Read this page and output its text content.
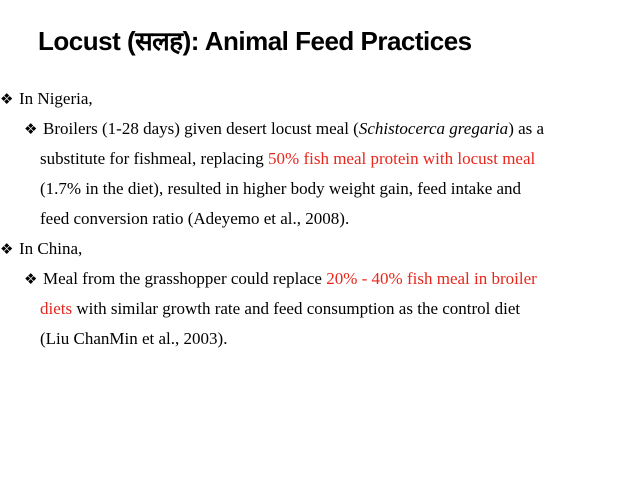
Locust (सलह): Animal Feed Practices
❖ In Nigeria,
❖ Broilers (1-28 days) given desert locust meal (Schistocerca gregaria) as a
substitute for fishmeal, replacing 50% fish meal protein with locust meal
(1.7% in the diet), resulted in higher body weight gain, feed intake and
feed conversion ratio (Adeyemo et al., 2008).
❖ In China,
❖ Meal from the grasshopper could replace 20% - 40% fish meal in broiler
diets with similar growth rate and feed consumption as the control diet
(Liu ChanMin et al., 2003).
